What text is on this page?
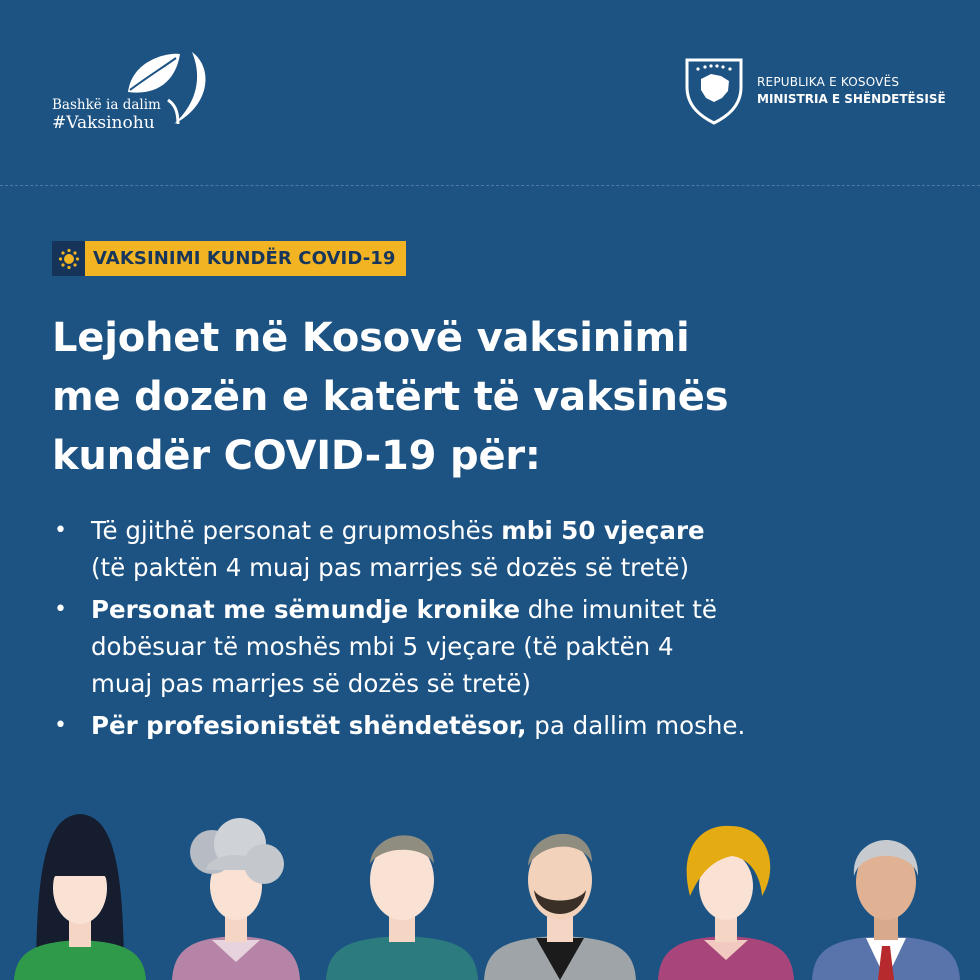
Bashkë ia dalim
#Vaksinohu
REPUBLIKA E KOSOVËS
MINISTRIA E SHËNDETËSISË
VAKSINIMI KUNDËR COVID-19
Lejohet në Kosovë vaksinimi
me dozën e katërt të vaksinës
kundër COVID-19 për:
• Të gjithë personat e grupmoshës mbi 50 vjeçare
(të paktën 4 muaj pas marrjes së dozës së tretë)
• Personat me sëmundje kronike dhe imunitet të
dobësuar të moshës mbi 5 vjeçare (të paktën 4
muaj pas marrjes së dozës së tretë)
• Për profesionistët shëndetësor, pa dallim moshe.
